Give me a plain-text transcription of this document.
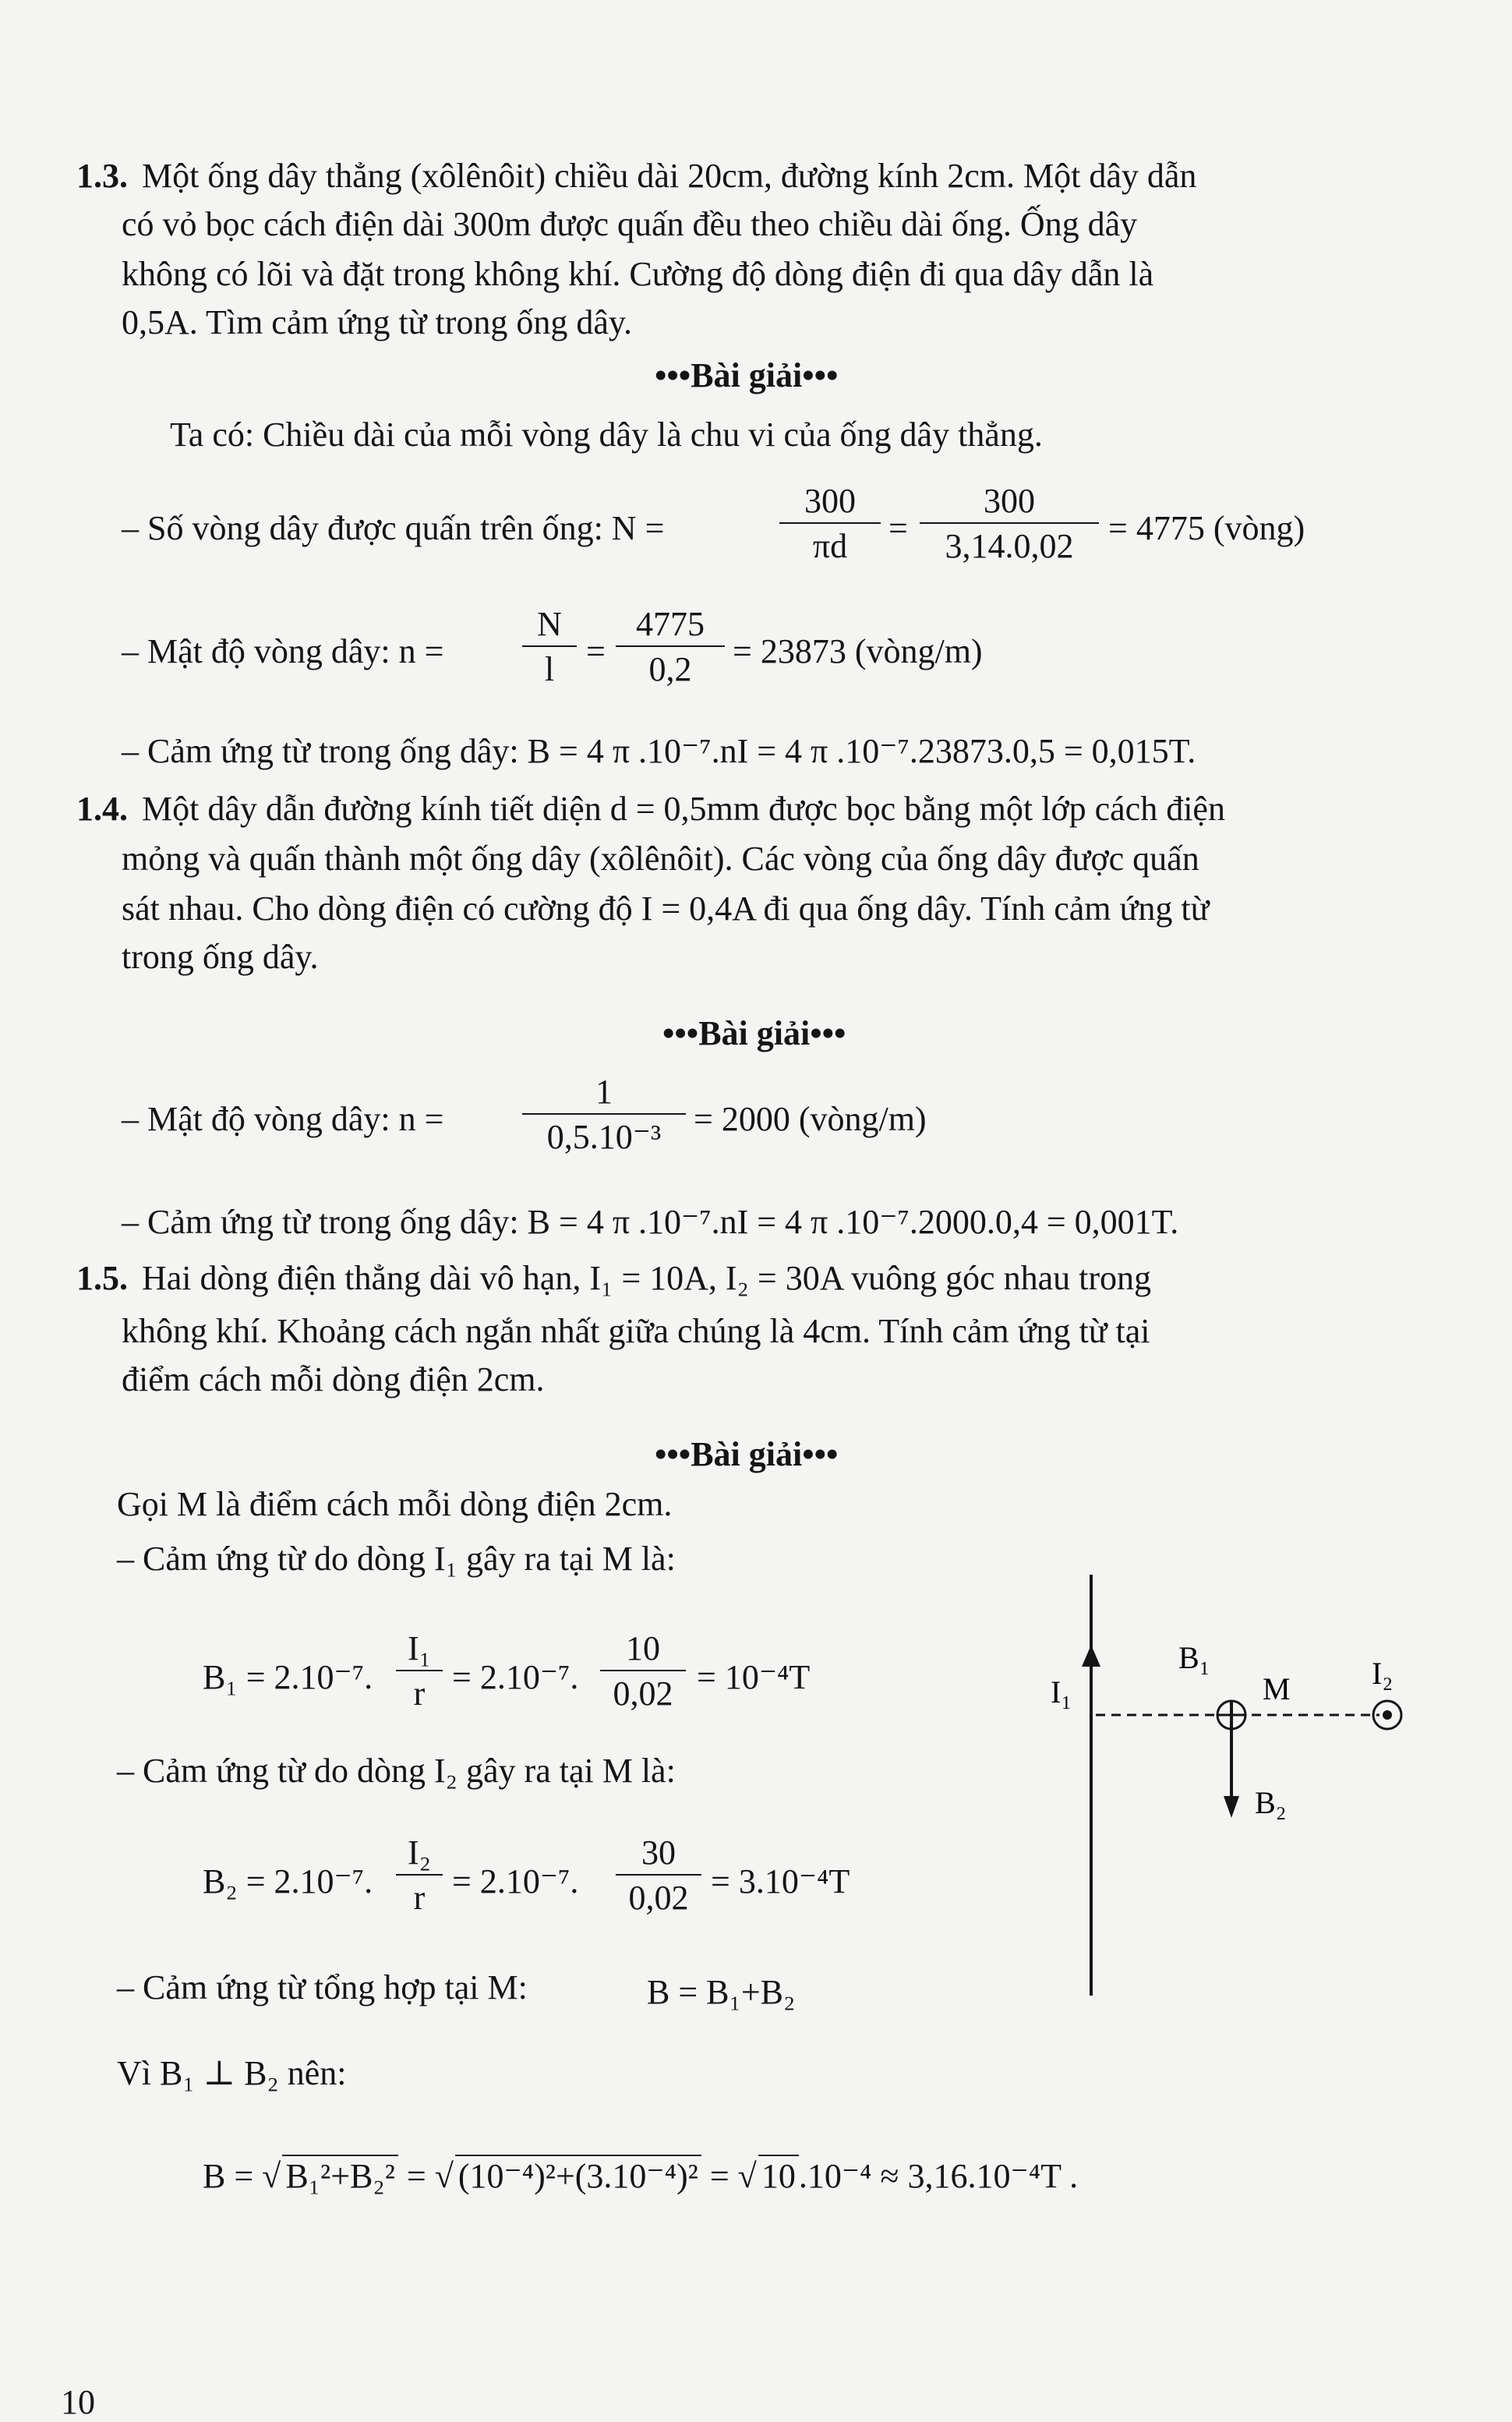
1.3. Một ống dây thẳng (xôlênôit) chiều dài 20cm, đường kính 2cm. Một dây dẫn
có vỏ bọc cách điện dài 300m được quấn đều theo chiều dài ống. Ống dây
không có lõi và đặt trong không khí. Cường độ dòng điện đi qua dây dẫn là
0,5A. Tìm cảm ứng từ trong ống dây.
•••Bài giải•••
Ta có: Chiều dài của mỗi vòng dây là chu vi của ống dây thẳng.
– Số vòng dây được quấn trên ống: N =
300
πd	=
300
3,14.0,02	= 4775 (vòng)
– Mật độ vòng dây: n =
N
l =
4775
0,2	= 23873 (vòng/m)
– Cảm ứng từ trong ống dây: B = 4 π .10⁻⁷.nI = 4 π .10⁻⁷.23873.0,5 = 0,015T.
1.4. Một dây dẫn đường kính tiết diện d = 0,5mm được bọc bằng một lớp cách điện
mỏng và quấn thành một ống dây (xôlênôit). Các vòng của ống dây được quấn
sát nhau. Cho dòng điện có cường độ I = 0,4A đi qua ống dây. Tính cảm ứng từ
trong ống dây.
•••Bài giải•••
– Mật độ vòng dây: n =
1
0,5.10⁻³ = 2000 (vòng/m)
– Cảm ứng từ trong ống dây: B = 4 π .10⁻⁷.nI = 4 π .10⁻⁷.2000.0,4 = 0,001T.
1.5. Hai dòng điện thẳng dài vô hạn, I₁ = 10A, I₂ = 30A vuông góc nhau trong
không khí. Khoảng cách ngắn nhất giữa chúng là 4cm. Tính cảm ứng từ tại
điểm cách mỗi dòng điện 2cm.
•••Bài giải•••
Gọi M là điểm cách mỗi dòng điện 2cm.
– Cảm ứng từ do dòng I₁ gây ra tại M là:
B₁ = 2.10⁻⁷.
I₁
r = 2.10⁻⁷.
10
0,02 = 10⁻⁴T
– Cảm ứng từ do dòng I₂ gây ra tại M là:
B₂ = 2.10⁻⁷.
I₂
r = 2.10⁻⁷.
30
0,02 = 3.10⁻⁴T
– Cảm ứng từ tổng hợp tại M:	B = B₁+B₂
Vì B₁ ⊥ B₂ nên:
B = √ B₁²+B₂² = √ (10⁻⁴)²+(3.10⁻⁴)² = √ 10.10⁻⁴ ≈ 3,16.10⁻⁴T .
I₁
B₁
M	I₂
B₂
10
